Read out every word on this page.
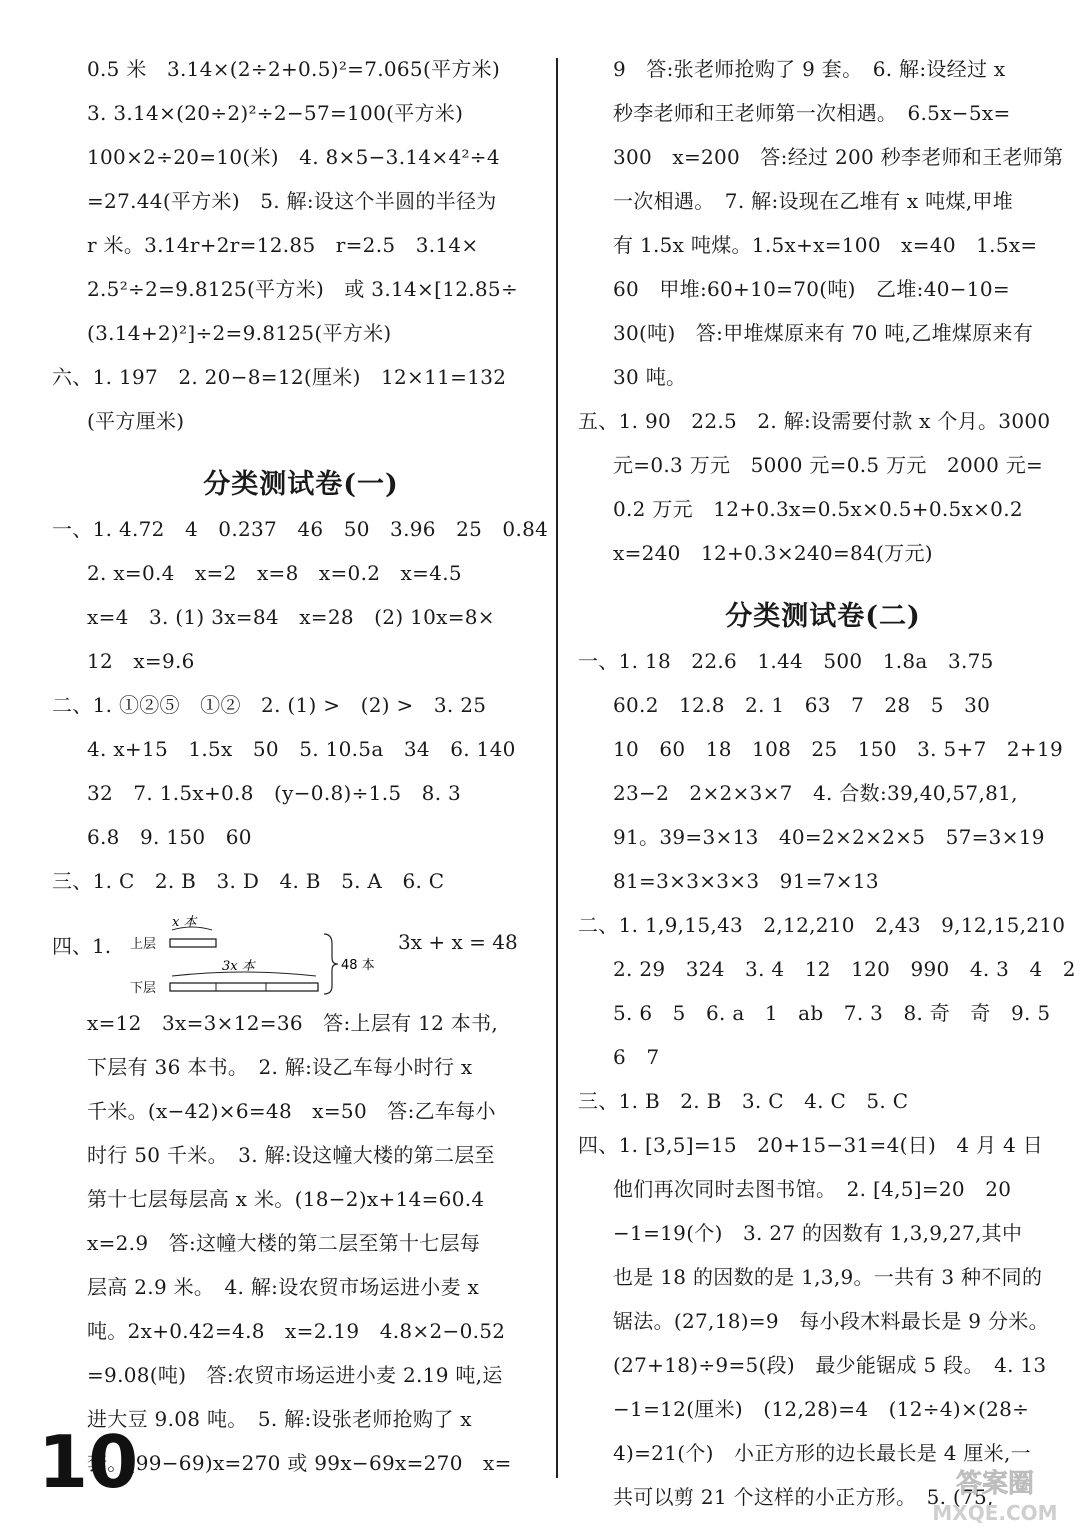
0.5 米　3.14×(2÷2+0.5)²=7.065(平方米)
3. 3.14×(20÷2)²÷2−57=100(平方米)
100×2÷20=10(米)　4. 8×5−3.14×4²÷4
=27.44(平方米)　5. 解:设这个半圆的半径为
r 米。3.14r+2r=12.85　r=2.5　3.14×
2.5²÷2=9.8125(平方米)　或 3.14×[12.85÷
(3.14+2)²]÷2=9.8125(平方米)
六、1. 197　2. 20−8=12(厘米)　12×11=132
(平方厘米)
分类测试卷(一)
一、1. 4.72　4　0.237　46　50　3.96　25　0.84
2. x=0.4　x=2　x=8　x=0.2　x=4.5
x=4　3. (1) 3x=84　x=28　(2) 10x=8×
12　x=9.6
二、1. ①②⑤　①②　2. (1) >　(2) >　3. 25
4. x+15　1.5x　50　5. 10.5a　34　6. 140
32　7. 1.5x+0.8　(y−0.8)÷1.5　8. 3
6.8　9. 150　60
三、1. C　2. B　3. D　4. B　5. A　6. C
四、1.
x 本
上层
3x 本
下层
48 本
3x + x = 48
x=12　3x=3×12=36　答:上层有 12 本书,
下层有 36 本书。　2. 解:设乙车每小时行 x
千米。(x−42)×6=48　x=50　答:乙车每小
时行 50 千米。　3. 解:设这幢大楼的第二层至
第十七层每层高 x 米。(18−2)x+14=60.4
x=2.9　答:这幢大楼的第二层至第十七层每
层高 2.9 米。　4. 解:设农贸市场运进小麦 x
吨。2x+0.42=4.8　x=2.19　4.8×2−0.52
=9.08(吨)　答:农贸市场运进小麦 2.19 吨,运
进大豆 9.08 吨。　5. 解:设张老师抢购了 x
套。(99−69)x=270 或 99x−69x=270　x=
9　答:张老师抢购了 9 套。　6. 解:设经过 x
秒李老师和王老师第一次相遇。　6.5x−5x=
300　x=200　答:经过 200 秒李老师和王老师第
一次相遇。　7. 解:设现在乙堆有 x 吨煤,甲堆
有 1.5x 吨煤。1.5x+x=100　x=40　1.5x=
60　甲堆:60+10=70(吨)　乙堆:40−10=
30(吨)　答:甲堆煤原来有 70 吨,乙堆煤原来有
30 吨。
五、1. 90　22.5　2. 解:设需要付款 x 个月。3000
元=0.3 万元　5000 元=0.5 万元　2000 元=
0.2 万元　12+0.3x=0.5x×0.5+0.5x×0.2
x=240　12+0.3×240=84(万元)
分类测试卷(二)
一、1. 18　22.6　1.44　500　1.8a　3.75
60.2　12.8　2. 1　63　7　28　5　30
10　60　18　108　25　150　3. 5+7　2+19
23−2　2×2×3×7　4. 合数:39,40,57,81,
91。39=3×13　40=2×2×2×5　57=3×19
81=3×3×3×3　91=7×13
二、1. 1,9,15,43　2,12,210　2,43　9,12,15,210
2. 29　324　3. 4　12　120　990　4. 3　4　2
5. 6　5　6. a　1　ab　7. 3　8. 奇　奇　9. 5
6　7
三、1. B　2. B　3. C　4. C　5. C
四、1. [3,5]=15　20+15−31=4(日)　4 月 4 日
他们再次同时去图书馆。　2. [4,5]=20　20
−1=19(个)　3. 27 的因数有 1,3,9,27,其中
也是 18 的因数的是 1,3,9。一共有 3 种不同的
锯法。(27,18)=9　每小段木料最长是 9 分米。
(27+18)÷9=5(段)　最少能锯成 5 段。　4. 13
−1=12(厘米)　(12,28)=4　(12÷4)×(28÷
4)=21(个)　小正方形的边长最长是 4 厘米,一
共可以剪 21 个这样的小正方形。　5. (75,
10	答案圈
MXQE.COM
